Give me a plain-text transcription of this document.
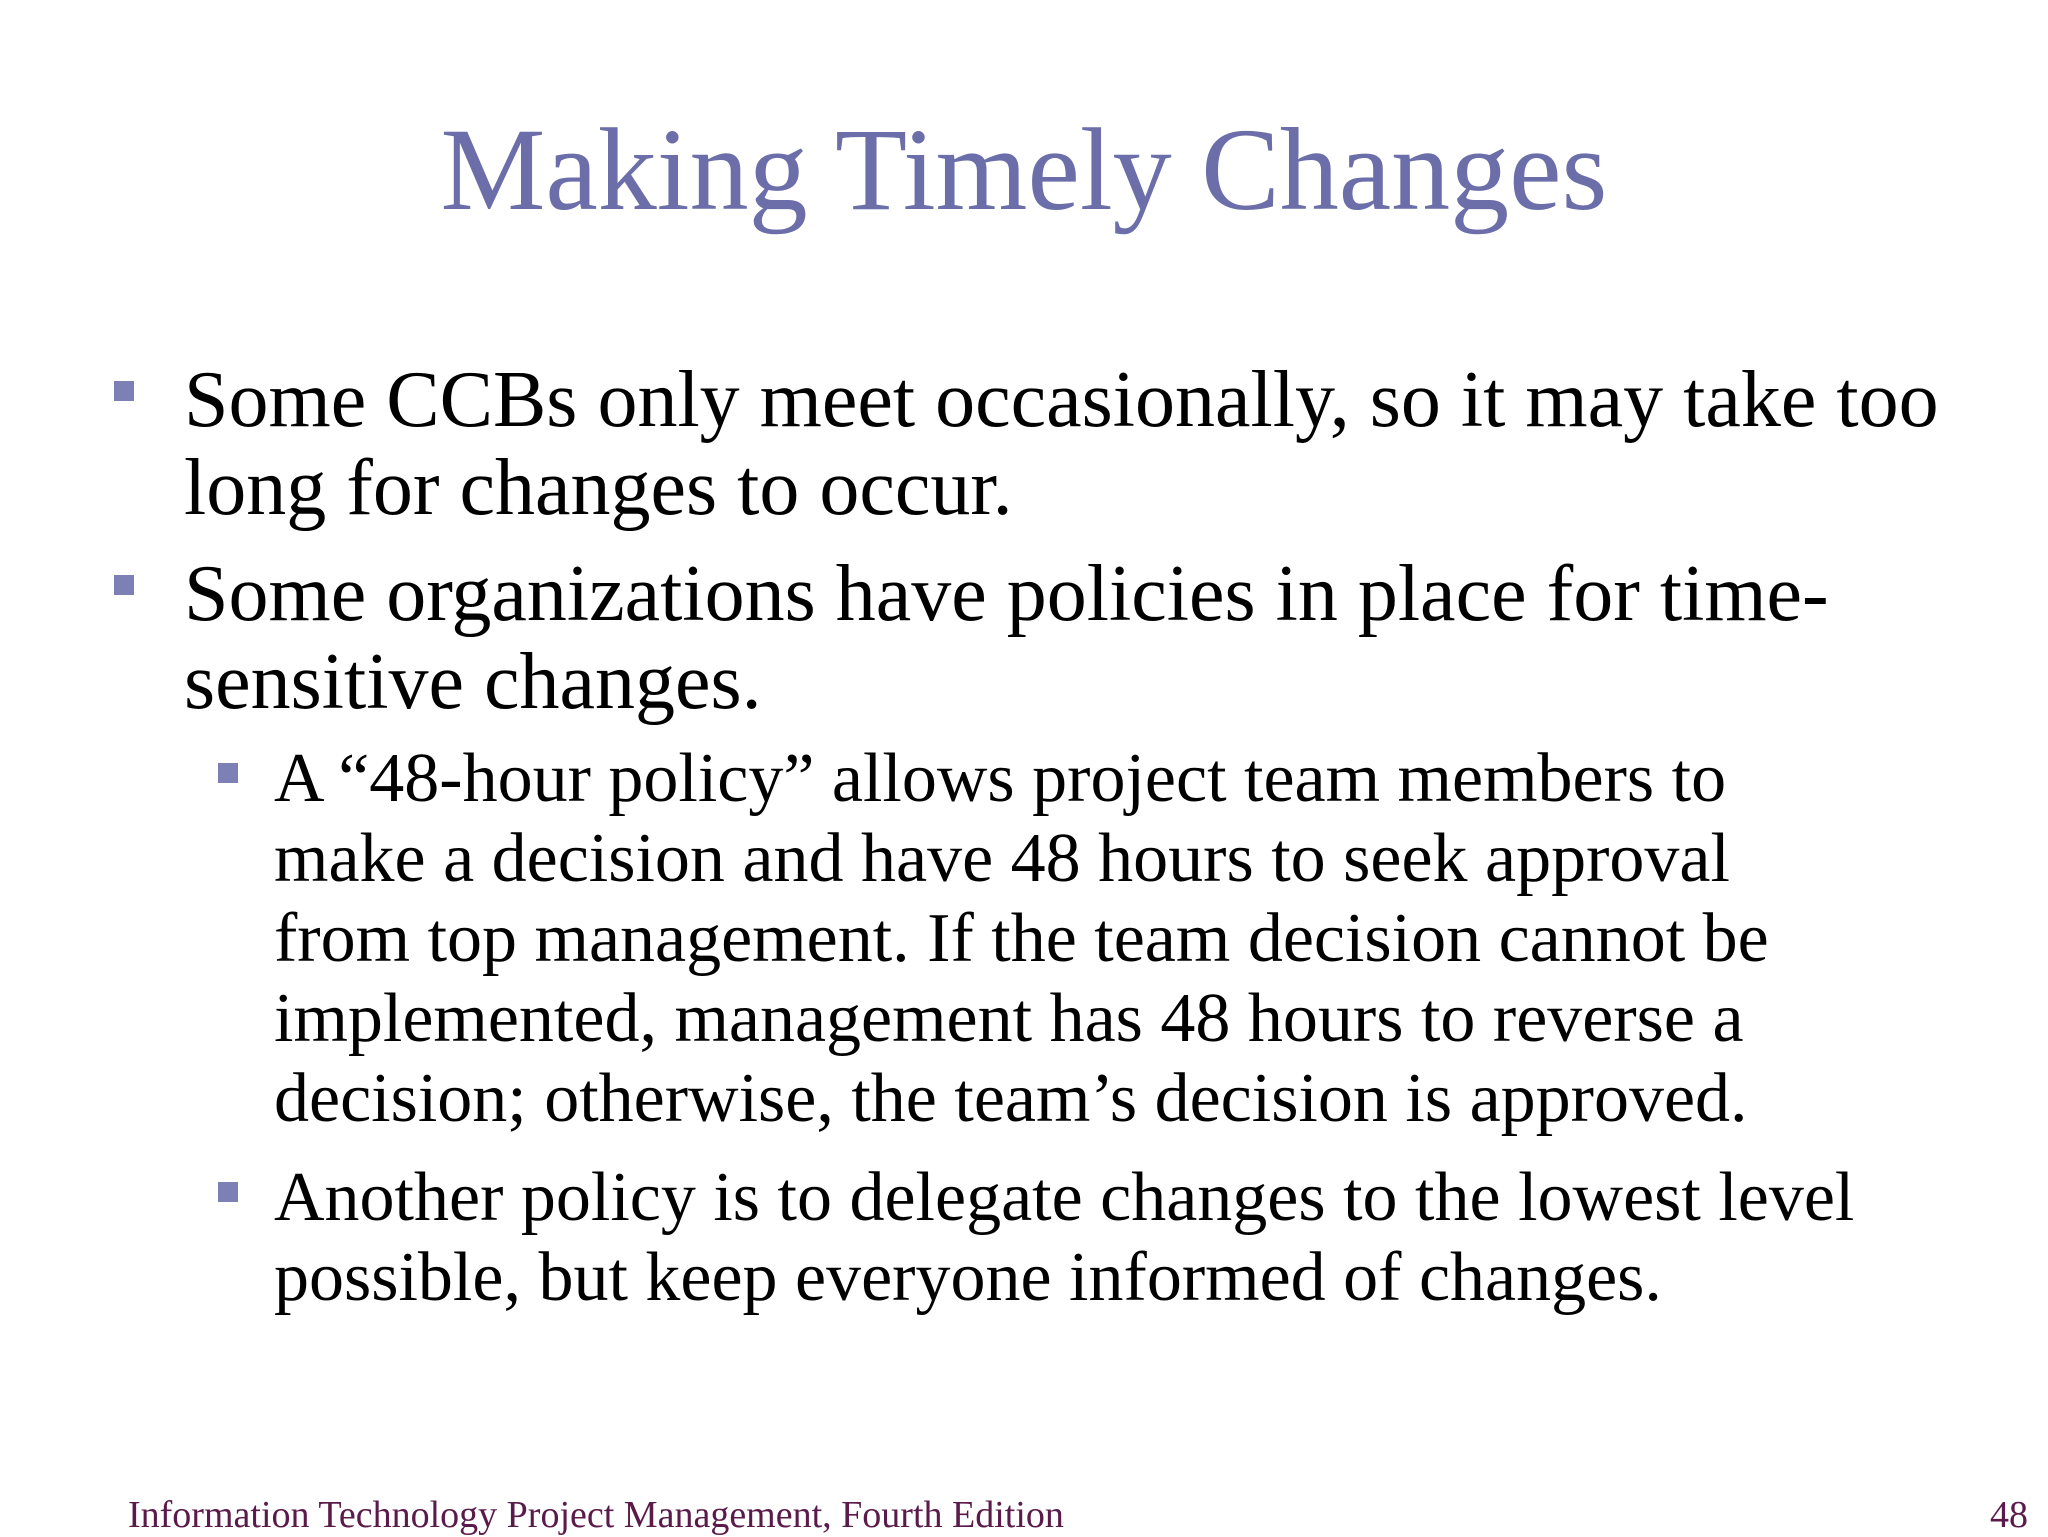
Making Timely Changes
Some CCBs only meet occasionally, so it may take too
long for changes to occur.
Some organizations have policies in place for time-
sensitive changes.
A “48-hour policy” allows project team members to
make a decision and have 48 hours to seek approval
from top management. If the team decision cannot be
implemented, management has 48 hours to reverse a
decision; otherwise, the team’s decision is approved.
Another policy is to delegate changes to the lowest level
possible, but keep everyone informed of changes.
Information Technology Project Management, Fourth Edition	48
